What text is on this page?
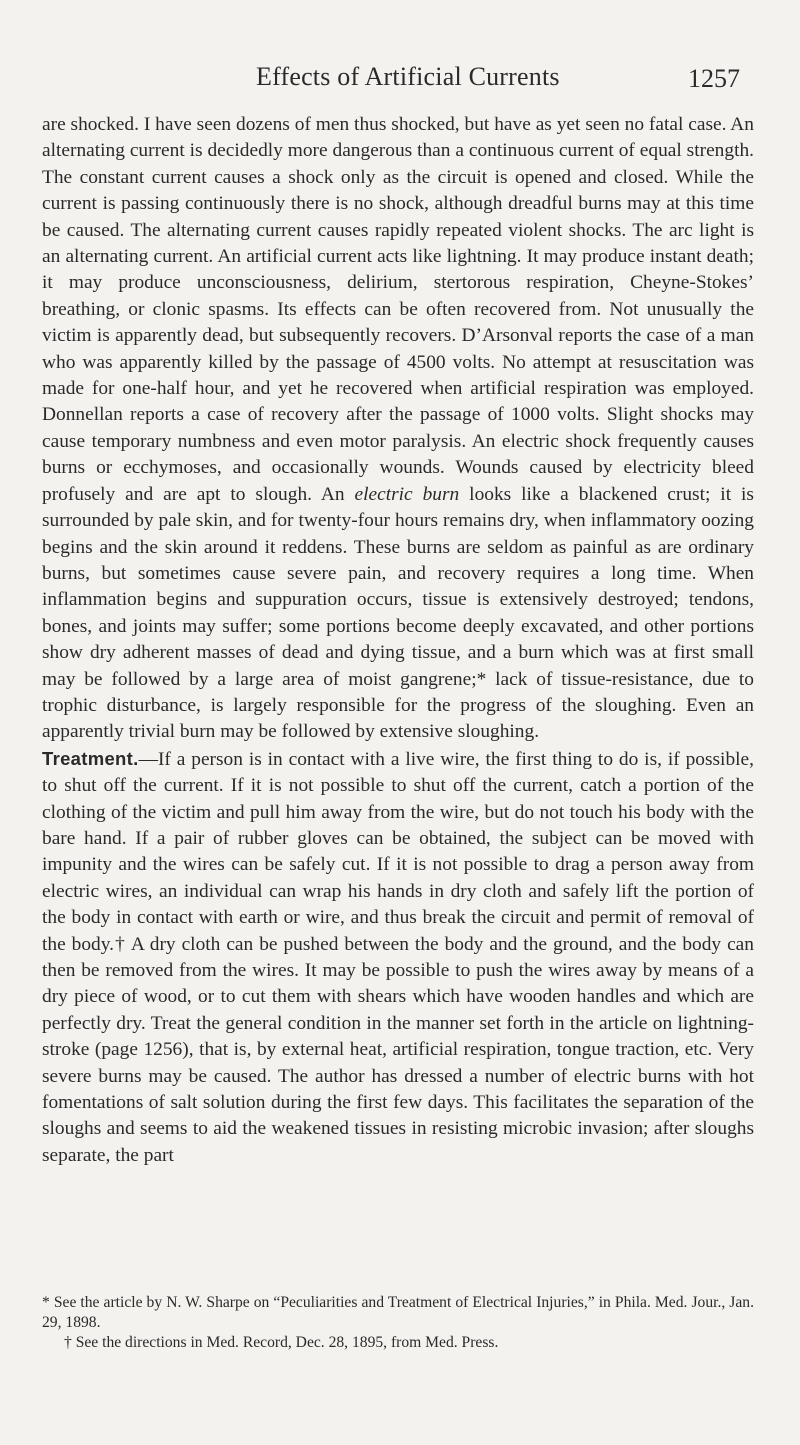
Effects of Artificial Currents	1257

are shocked. I have seen dozens of men thus shocked, but have as yet seen no fatal case. An alternating current is decidedly more dangerous than a continuous current of equal strength. The constant current causes a shock only as the circuit is opened and closed. While the current is passing continuously there is no shock, although dreadful burns may at this time be caused. The alternating current causes rapidly repeated violent shocks. The arc light is an alternating current. An artificial current acts like lightning. It may produce instant death; it may produce unconsciousness, delirium, stertorous respiration, Cheyne-Stokes’ breathing, or clonic spasms. Its effects can be often recovered from. Not unusually the victim is apparently dead, but subsequently recovers. D’Arsonval reports the case of a man who was apparently killed by the passage of 4500 volts. No attempt at resuscitation was made for one-half hour, and yet he recovered when artificial respiration was employed. Donnellan reports a case of recovery after the passage of 1000 volts. Slight shocks may cause temporary numbness and even motor paralysis. An electric shock frequently causes burns or ecchymoses, and occasionally wounds. Wounds caused by electricity bleed profusely and are apt to slough. An electric burn looks like a blackened crust; it is surrounded by pale skin, and for twenty-four hours remains dry, when inflammatory oozing begins and the skin around it reddens. These burns are seldom as painful as are ordinary burns, but sometimes cause severe pain, and recovery requires a long time. When inflammation begins and suppuration occurs, tissue is extensively destroyed; tendons, bones, and joints may suffer; some portions become deeply excavated, and other portions show dry adherent masses of dead and dying tissue, and a burn which was at first small may be followed by a large area of moist gangrene;* lack of tissue-resistance, due to trophic disturbance, is largely responsible for the progress of the sloughing. Even an apparently trivial burn may be followed by extensive sloughing.

Treatment.—If a person is in contact with a live wire, the first thing to do is, if possible, to shut off the current. If it is not possible to shut off the current, catch a portion of the clothing of the victim and pull him away from the wire, but do not touch his body with the bare hand. If a pair of rubber gloves can be obtained, the subject can be moved with impunity and the wires can be safely cut. If it is not possible to drag a person away from electric wires, an individual can wrap his hands in dry cloth and safely lift the portion of the body in contact with earth or wire, and thus break the circuit and permit of removal of the body.† A dry cloth can be pushed between the body and the ground, and the body can then be removed from the wires. It may be possible to push the wires away by means of a dry piece of wood, or to cut them with shears which have wooden handles and which are perfectly dry. Treat the general condition in the manner set forth in the article on lightning-stroke (page 1256), that is, by external heat, artificial respiration, tongue traction, etc. Very severe burns may be caused. The author has dressed a number of electric burns with hot fomentations of salt solution during the first few days. This facilitates the separation of the sloughs and seems to aid the weakened tissues in resisting microbic invasion; after sloughs separate, the part

* See the article by N. W. Sharpe on “Peculiarities and Treatment of Electrical Injuries,” in Phila. Med. Jour., Jan. 29, 1898.

† See the directions in Med. Record, Dec. 28, 1895, from Med. Press.
